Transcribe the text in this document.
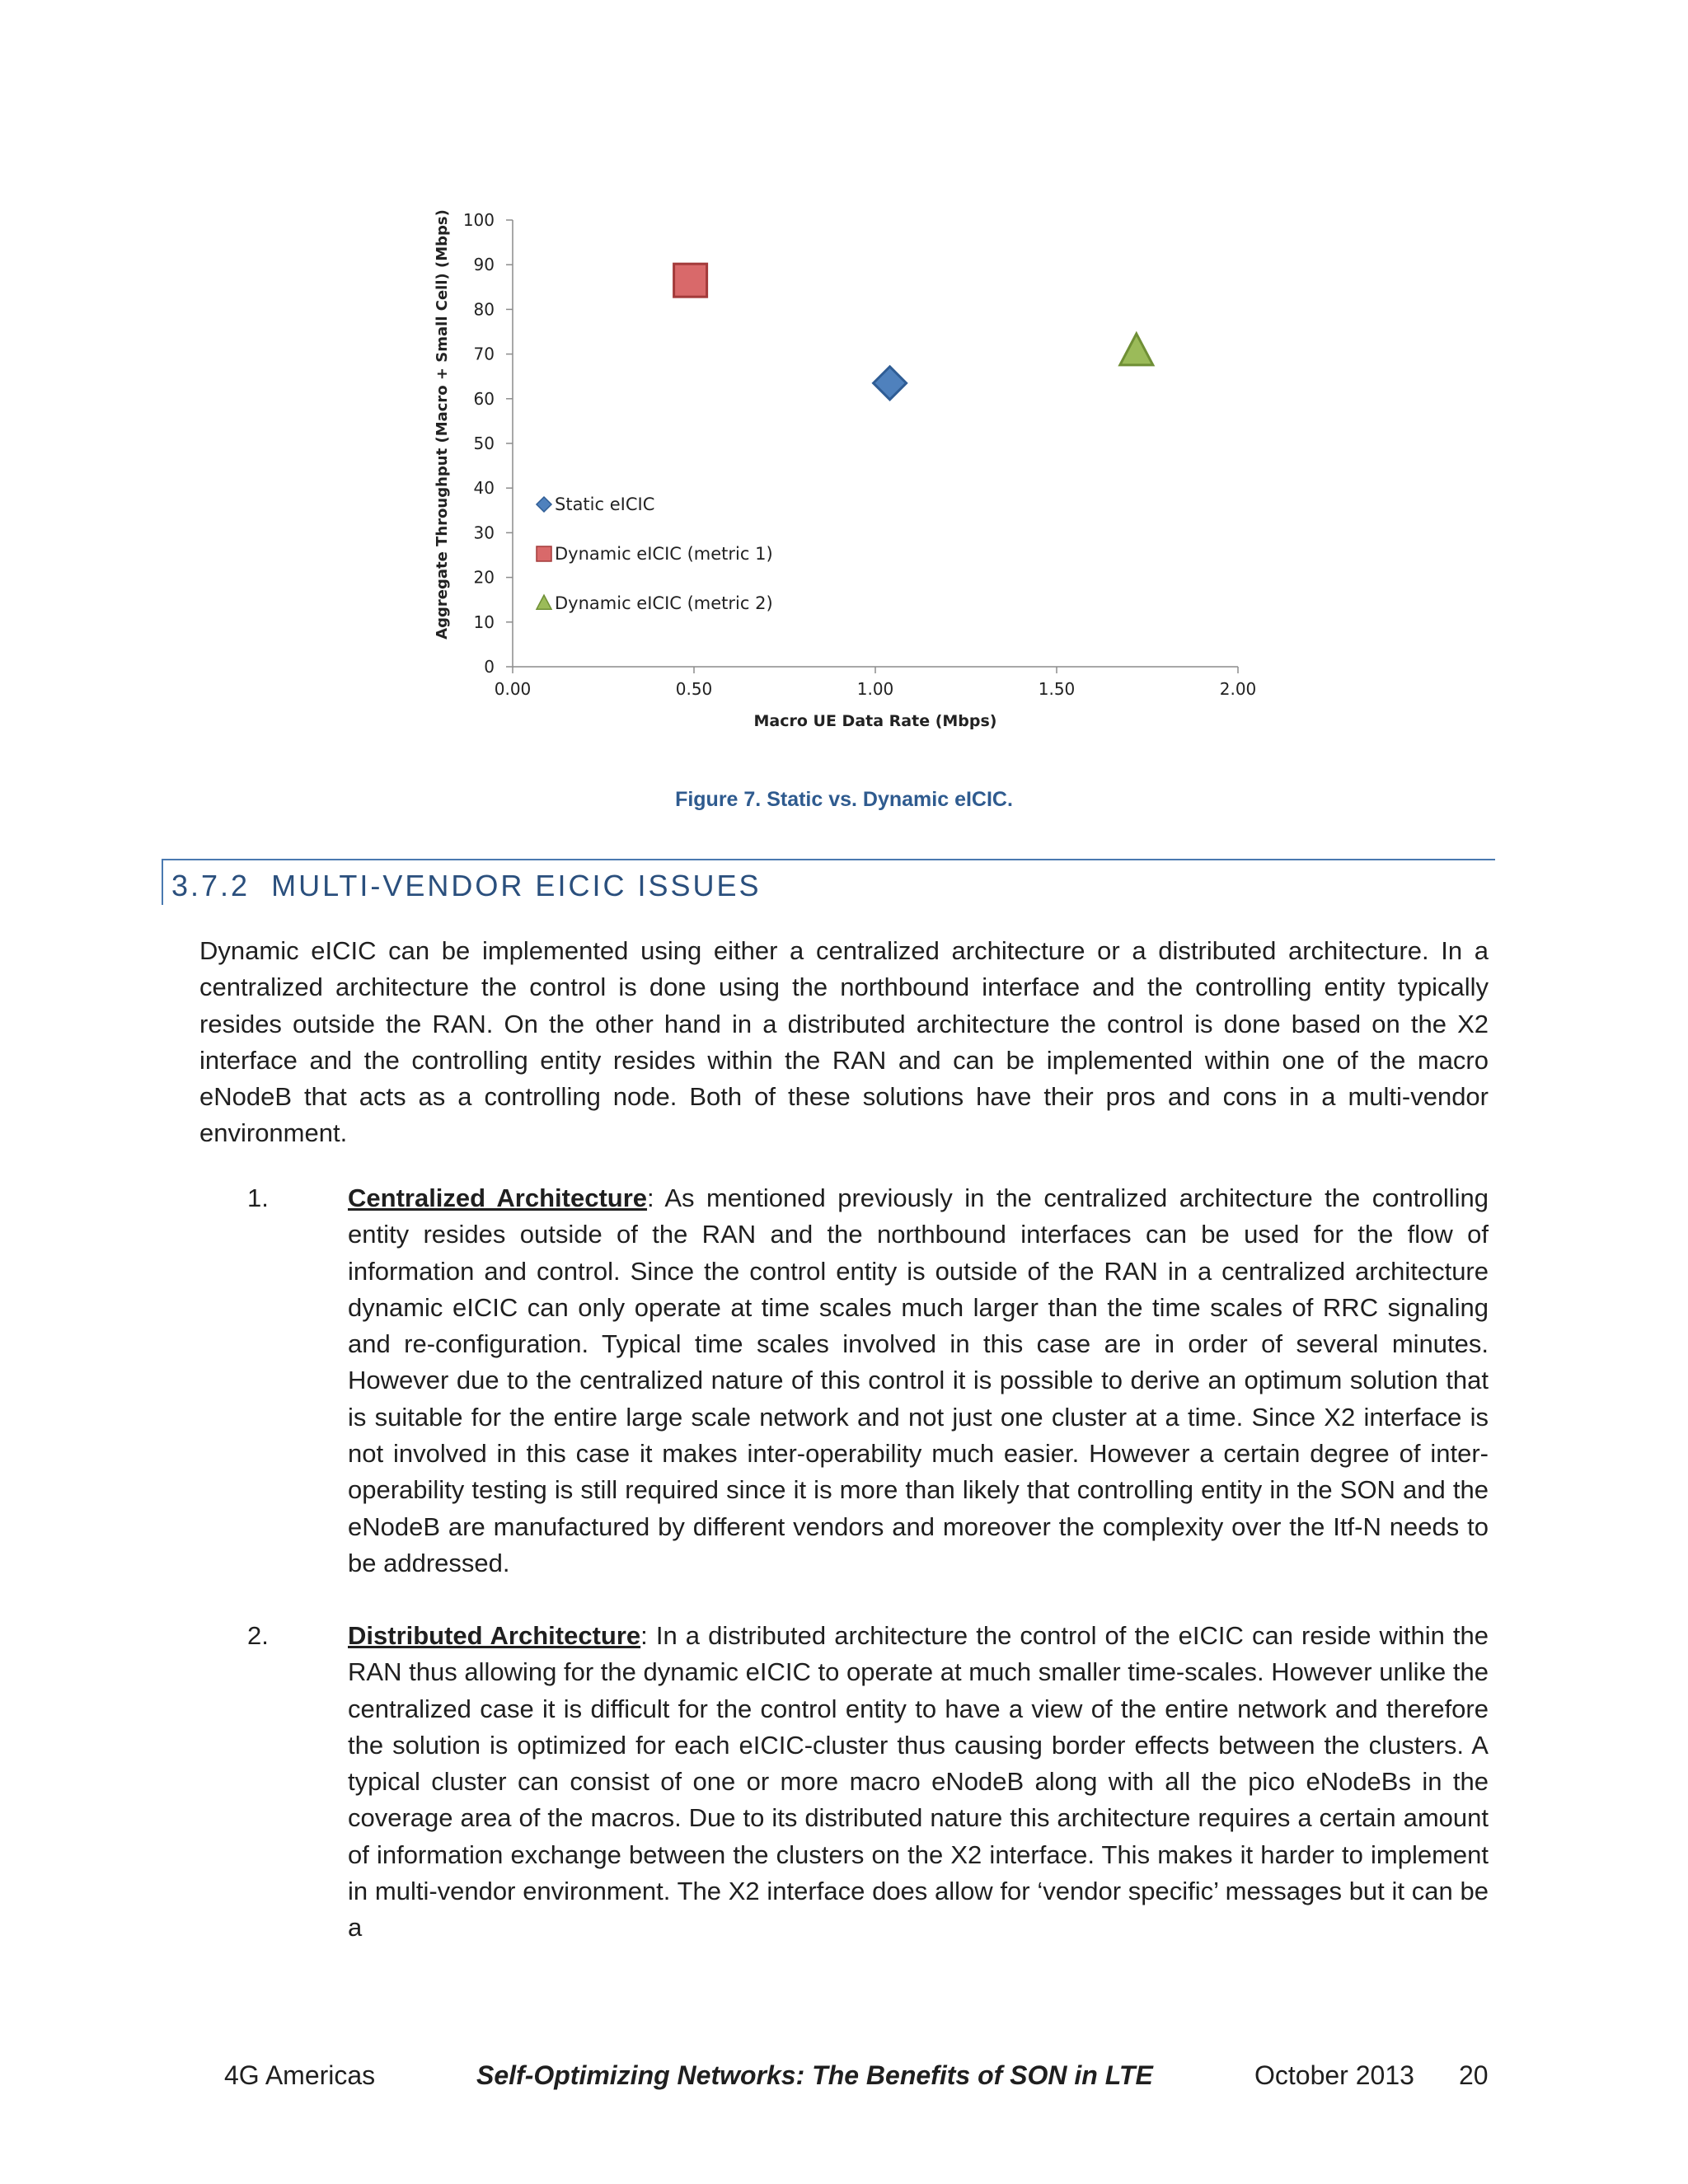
0
10
20
30
40
50
60
70
80
90
100
0.00	0.50	1.00	1.50	2.00
Static eICIC
Dynamic eICIC (metric 1)
Dynamic eICIC (metric 2)
Macro UE Data Rate (Mbps)
Aggregate Throughput (Macro + Small Cell) (Mbps)
Figure 7. Static vs. Dynamic eICIC.
3.7.2 MULTI-VENDOR EICIC ISSUES

Dynamic eICIC can be implemented using either a centralized architecture or a distributed architecture. In a centralized architecture the control is done using the northbound interface and the controlling entity typically resides outside the RAN. On the other hand in a distributed architecture the control is done based on the X2 interface and the controlling entity resides within the RAN and can be implemented within one of the macro eNodeB that acts as a controlling node. Both of these solutions have their pros and cons in a multi-vendor environment.

1.	Centralized Architecture: As mentioned previously in the centralized architecture the controlling entity resides outside of the RAN and the northbound interfaces can be used for the flow of information and control. Since the control entity is outside of the RAN in a centralized architecture dynamic eICIC can only operate at time scales much larger than the time scales of RRC signaling and re-configuration. Typical time scales involved in this case are in order of several minutes. However due to the centralized nature of this control it is possible to derive an optimum solution that is suitable for the entire large scale network and not just one cluster at a time. Since X2 interface is not involved in this case it makes inter-operability much easier. However a certain degree of inter-operability testing is still required since it is more than likely that controlling entity in the SON and the eNodeB are manufactured by different vendors and moreover the complexity over the Itf-N needs to be addressed.

2.	Distributed Architecture: In a distributed architecture the control of the eICIC can reside within the RAN thus allowing for the dynamic eICIC to operate at much smaller time-scales. However unlike the centralized case it is difficult for the control entity to have a view of the entire network and therefore the solution is optimized for each eICIC-cluster thus causing border effects between the clusters. A typical cluster can consist of one or more macro eNodeB along with all the pico eNodeBs in the coverage area of the macros. Due to its distributed nature this architecture requires a certain amount of information exchange between the clusters on the X2 interface. This makes it harder to implement in multi-vendor environment. The X2 interface does allow for ‘vendor specific’ messages but it can be a

4G Americas	Self-Optimizing Networks: The Benefits of SON in LTE	October 2013 20
